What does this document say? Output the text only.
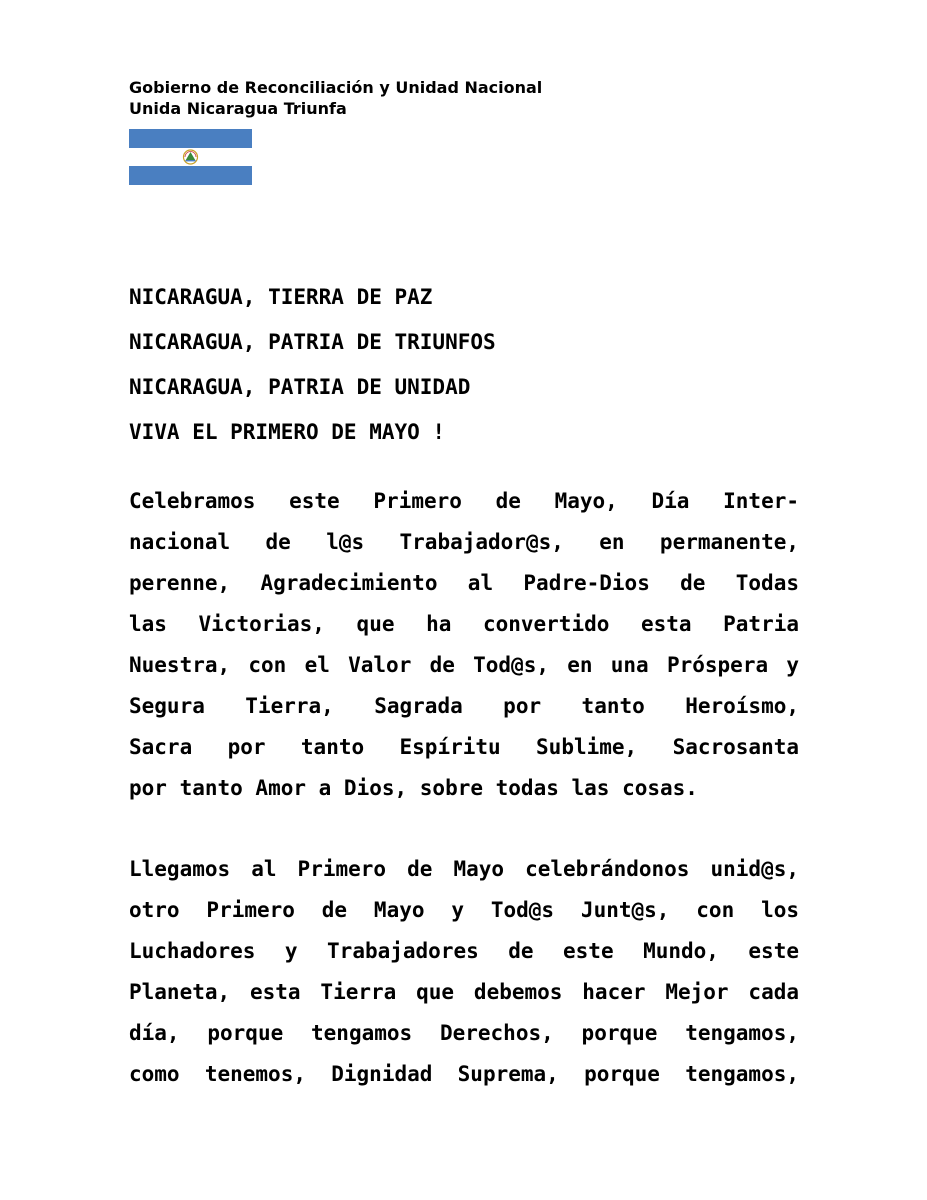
Gobierno de Reconciliación y Unidad Nacional
Unida Nicaragua Triunfa
NICARAGUA, TIERRA DE PAZ
NICARAGUA, PATRIA DE TRIUNFOS
NICARAGUA, PATRIA DE UNIDAD
VIVA EL PRIMERO DE MAYO !
Celebramos este Primero de Mayo, Día Inter-
nacional de l@s Trabajador@s, en permanente,
perenne, Agradecimiento al Padre-Dios de Todas
las Victorias, que ha convertido esta Patria
Nuestra, con el Valor de Tod@s, en una Próspera y
Segura Tierra, Sagrada por tanto Heroísmo,
Sacra por tanto Espíritu Sublime, Sacrosanta
por tanto Amor a Dios, sobre todas las cosas.
Llegamos al Primero de Mayo celebrándonos unid@s,
otro Primero de Mayo y Tod@s Junt@s, con los
Luchadores y Trabajadores de este Mundo, este
Planeta, esta Tierra que debemos hacer Mejor cada
día, porque tengamos Derechos, porque tengamos,
como tenemos, Dignidad Suprema, porque tengamos,
